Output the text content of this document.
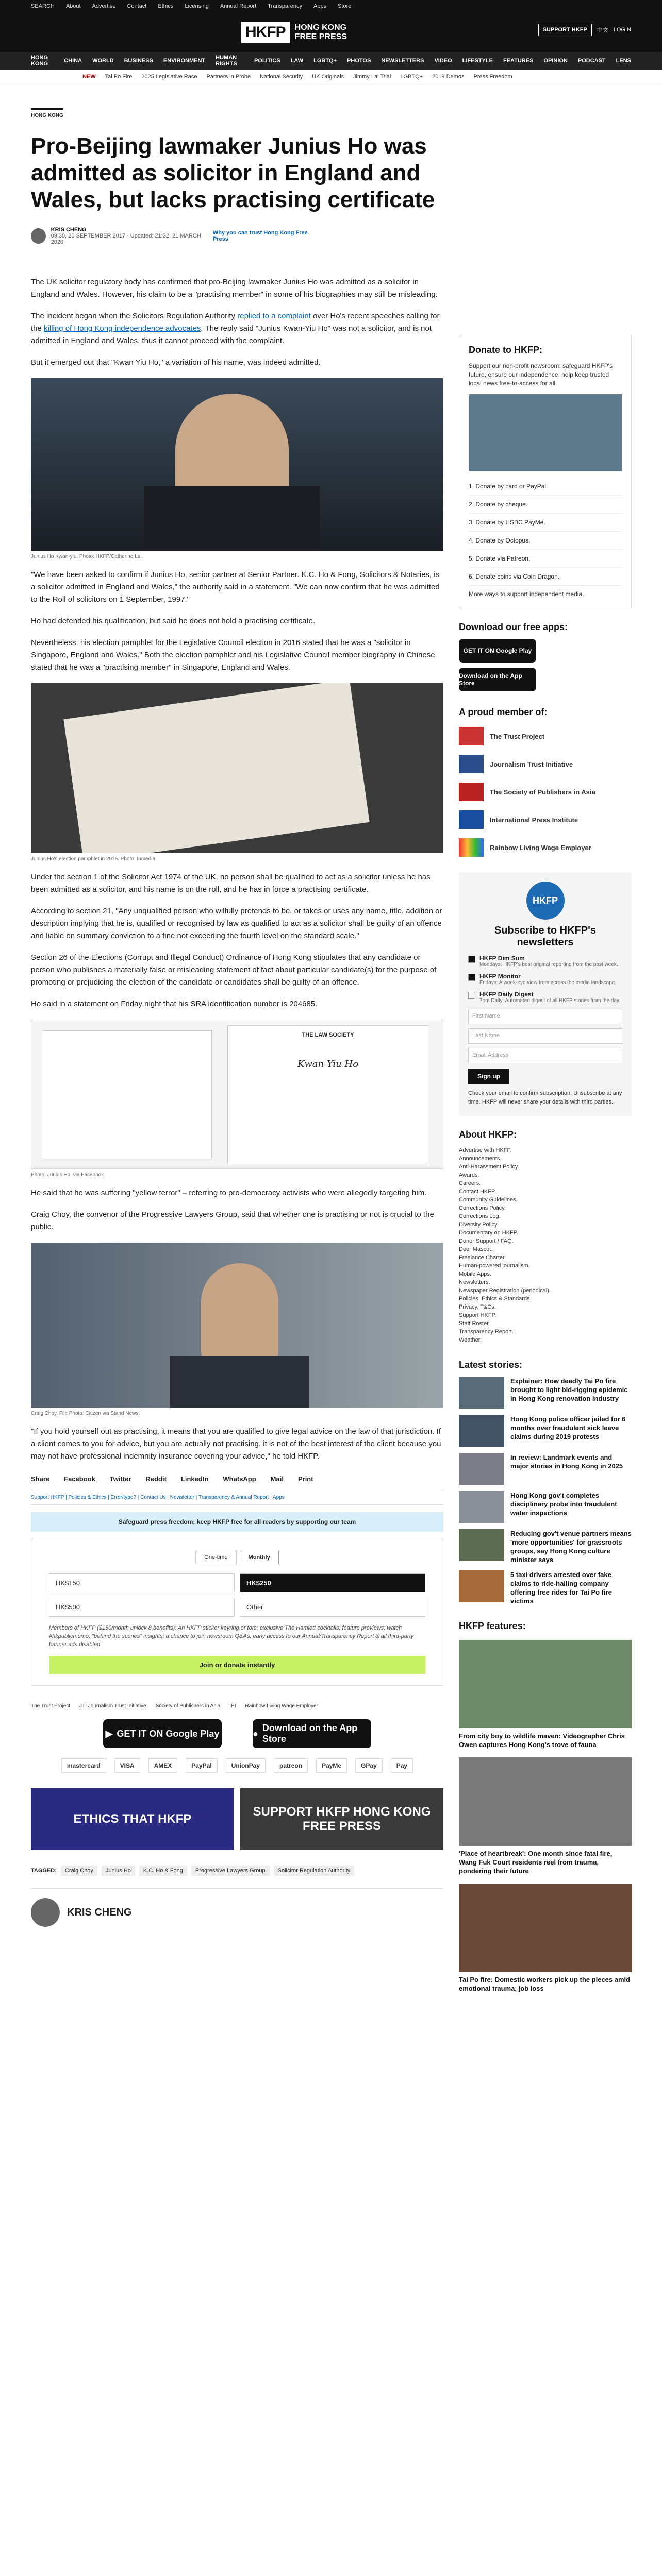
SEARCH About Advertise Contact Ethics Licensing Annual Report Transparency Apps Store
HKFP	HONG KONG
FREE PRESS
SUPPORT HKFP	中文 LOGIN
HONG KONG	CHINA WORLD BUSINESS ENVIRONMENT HUMAN RIGHTS	POLITICS LAW LGBTQ+ PHOTOS NEWSLETTERS VIDEO LIFESTYLE FEATURES OPINION PODCAST LENS
NEW Tai Po Fire 2025 Legislative Race Partners in Probe National Security UK Originals Jimmy Lai Trial LGBTQ+ 2019 Demos Press Freedom
HONG KONG
Pro-Beijing lawmaker Junius Ho was admitted as solicitor in England and Wales, but lacks practising certificate
KRIS CHENG
09:30, 20 SEPTEMBER 2017 · Updated: 21:32, 21 MARCH 2020
Why you can trust Hong Kong Free Press

The UK solicitor regulatory body has confirmed that pro-Beijing lawmaker Junius Ho was admitted as a solicitor in England and Wales. However, his claim to be a "practising member" in some of his biographies may still be misleading.

The incident began when the Solicitors Regulation Authority replied to a complaint over Ho's recent speeches calling for the killing of Hong Kong independence advocates. The reply said "Junius Kwan-Yiu Ho" was not a solicitor, and is not admitted in England and Wales, thus it cannot proceed with the complaint.

But it emerged out that "Kwan Yiu Ho," a variation of his name, was indeed admitted.

Junius Ho Kwan-yiu. Photo: HKFP/Catherine Lai.

"We have been asked to confirm if Junius Ho, senior partner at Senior Partner. K.C. Ho & Fong, Solicitors & Notaries, is a solicitor admitted in England and Wales," the authority said in a statement. "We can now confirm that he was admitted to the Roll of solicitors on 1 September, 1997."

Ho had defended his qualification, but said he does not hold a practising certificate.

Nevertheless, his election pamphlet for the Legislative Council election in 2016 stated that he was a "solicitor in Singapore, England and Wales." Both the election pamphlet and his Legislative Council member biography in Chinese stated that he was a "practising member" in Singapore, England and Wales.

Junius Ho's election pamphlet in 2016. Photo: Inmedia.

Under the section 1 of the Solicitor Act 1974 of the UK, no person shall be qualified to act as a solicitor unless he has been admitted as a solicitor, and his name is on the roll, and he has in force a practising certificate.

According to section 21, "Any unqualified person who wilfully pretends to be, or takes or uses any name, title, addition or description implying that he is, qualified or recognised by law as qualified to act as a solicitor shall be guilty of an offence and liable on summary conviction to a fine not exceeding the fourth level on the standard scale."

Section 26 of the Elections (Corrupt and Illegal Conduct) Ordinance of Hong Kong stipulates that any candidate or person who publishes a materially false or misleading statement of fact about particular candidate(s) for the purpose of promoting or prejudicing the election of the candidate or candidates shall be guilty of an offence.

Ho said in a statement on Friday night that his SRA identification number is 204685.

THE LAW SOCIETY
Kwan Yiu Ho
Photo: Junius Ho, via Facebook.

He said that he was suffering "yellow terror" – referring to pro-democracy activists who were allegedly targeting him.

Craig Choy, the convenor of the Progressive Lawyers Group, said that whether one is practising or not is crucial to the public.

Craig Choy. File Photo: Citizen via Stand News.

"If you hold yourself out as practising, it means that you are qualified to give legal advice on the law of that jurisdiction. If a client comes to you for advice, but you are actually not practising, it is not of the best interest of the client because you may not have professional indemnity insurance covering your advice," he told HKFP.

Share Facebook Twitter Reddit LinkedIn WhatsApp Mail Print
Support HKFP | Policies & Ethics | Error/typo? | Contact Us | Newsletter | Transparency & Annual Report | Apps
Safeguard press freedom; keep HKFP free for all readers by supporting our team
One-time	Monthly
HK$150	HK$250
HK$500	Other
Members of HKFP ($150/month unlock 8 benefits): An HKFP sticker keyring or tote; exclusive The Hamlett cocktails; feature previews; watch #hkpublicmemo; "behind the scenes" insights; a chance to join newsroom Q&As; early access to our Annual/Transparency Report & all third-party banner ads disabled.
Join or donate instantly
The Trust Project JTI Journalism Trust Initiative Society of Publishers in Asia IPI Rainbow Living Wage Employer
▶ GET IT ON Google Play	●
Download on the App Store
mastercard	VISA	AMEX	PayPal	UnionPay	patreon	PayMe	GPay	Pay
ETHICS THAT HKFP
SUPPORT HKFP HONG KONG FREE PRESS
TAGGED:	Craig Choy	Junius Ho	K.C. Ho & Fong	Progressive Lawyers Group	Solicitor Regulation Authority
KRIS CHENG
Donate to HKFP:
Support our non-profit newsroom: safeguard HKFP's future, ensure our independence, help keep trusted local news free-to-access for all.
1. Donate by card or PayPal.
2. Donate by cheque.
3. Donate by HSBC PayMe.
4. Donate by Octopus.
5. Donate via Patreon.
6. Donate coins via Coin Dragon.
More ways to support independent media.
Download our free apps:
GET IT ON Google Play
Download on the App Store
A proud member of:
The Trust Project
Journalism Trust Initiative
The Society of Publishers in Asia
International Press Institute
Rainbow Living Wage Employer
HKFP
Subscribe to HKFP's newsletters
HKFP Dim Sum
Mondays: HKFP's best original reporting from the past week.
HKFP Monitor
Fridays: A week-eye view from across the media landscape.
HKFP Daily Digest
7pm Daily: Automated digest of all HKFP stories from the day.
First Name
Last Name
Email Address
Sign up
Check your email to confirm subscription. Unsubscribe at any time. HKFP will never share your details with third parties.
About HKFP:
Advertise with HKFP.
Announcements.
Anti-Harassment Policy.
Awards.
Careers.
Contact HKFP.
Community Guidelines.
Corrections Policy.
Corrections Log.
Diversity Policy.
Documentary on HKFP.
Donor Support / FAQ.
Deer Mascot.
Freelance Charter.
Human-powered journalism.
Mobile Apps.
Newsletters.
Newspaper Registration (periodical).
Policies, Ethics & Standards.
Privacy, T&Cs.
Support HKFP.
Staff Roster.
Transparency Report.
Weather.
Latest stories:
Explainer: How deadly Tai Po fire brought to light bid-rigging epidemic in Hong Kong renovation industry
Hong Kong police officer jailed for 6 months over fraudulent sick leave claims during 2019 protests
In review: Landmark events and major stories in Hong Kong in 2025
Hong Kong gov't completes disciplinary probe into fraudulent water inspections
Reducing gov't venue partners means 'more opportunities' for grassroots groups, say Hong Kong culture minister says
5 taxi drivers arrested over fake claims to ride-hailing company offering free rides for Tai Po fire victims
HKFP features:
From city boy to wildlife maven: Videographer Chris Owen captures Hong Kong's trove of fauna
'Place of heartbreak': One month since fatal fire, Wang Fuk Court residents reel from trauma, pondering their future
Tai Po fire: Domestic workers pick up the pieces amid emotional trauma, job loss
